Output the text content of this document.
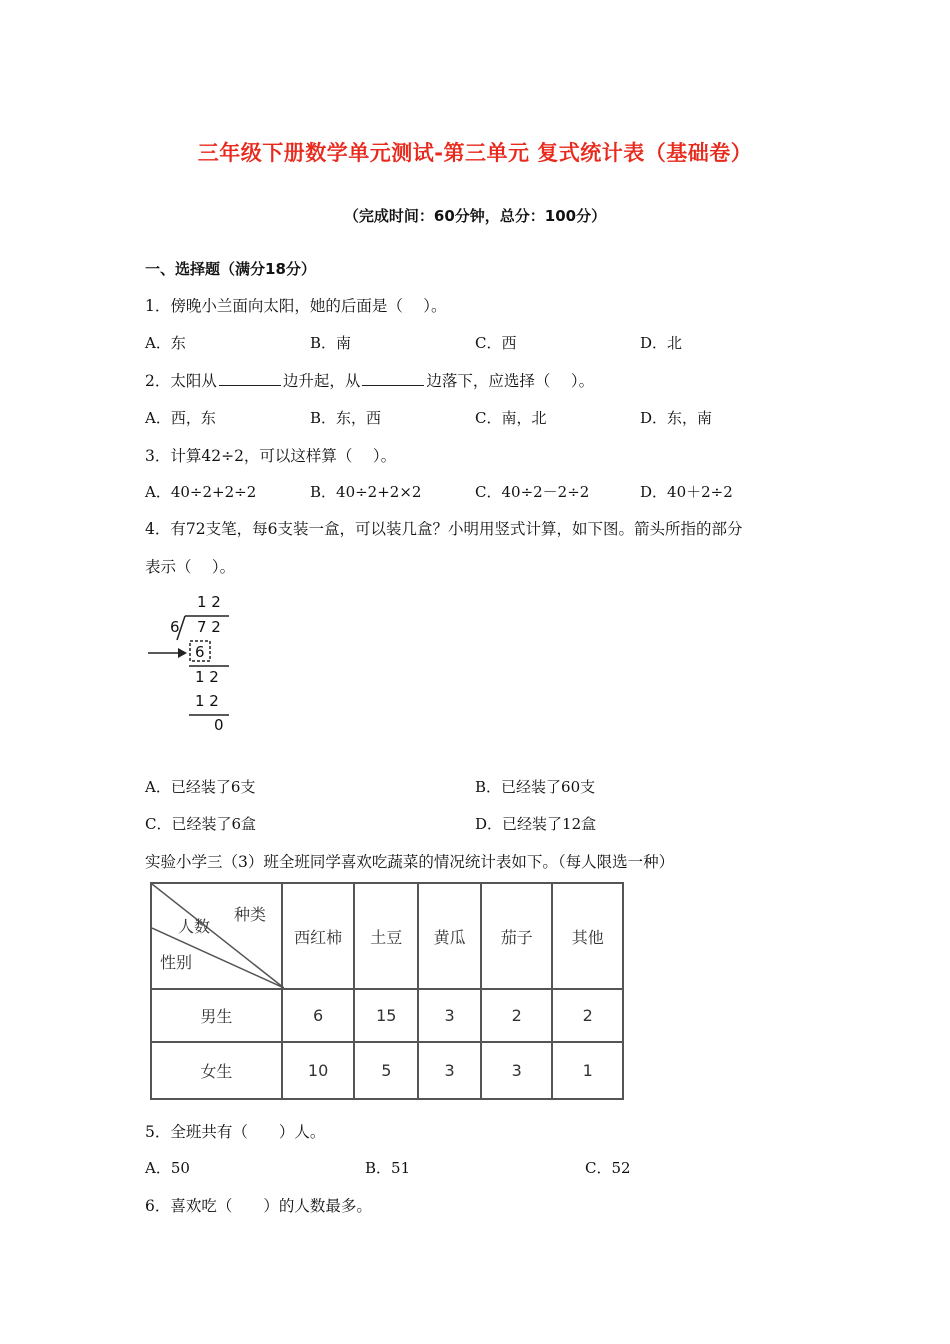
三年级下册数学单元测试-第三单元 复式统计表（基础卷）
（完成时间：60分钟，总分：100分）
一、选择题（满分18分）
1．傍晚小兰面向太阳，她的后面是（　 ）。
A．东	B．南	C．西	D．北
2．太阳从	边升起，从	边落下，应选择（　 ）。
A．西，东	B．东，西	C．南，北	D．东，南
3．计算42÷2，可以这样算（　 ）。
A．40÷2+2÷2	B．40÷2+2×2	C．40÷2－2÷2	D．40＋2÷2
4．有72支笔，每6支装一盒，可以装几盒？小明用竖式计算，如下图。箭头所指的部分
表示（　 ）。
1 2
6 7 2
6
1 2
1 2
0
A．已经装了6支	B．已经装了60支
C．已经装了6盒	D．已经装了12盒
实验小学三（3）班全班同学喜欢吃蔬菜的情况统计表如下。（每人限选一种）
种类
人数
性别	西红柿	土豆	黄瓜	茄子	其他
男生	6	15	3	2	2
女生	10	5	3	3	1
5．全班共有（　　）人。
A．50	B．51	C．52
6．喜欢吃（　　）的人数最多。
